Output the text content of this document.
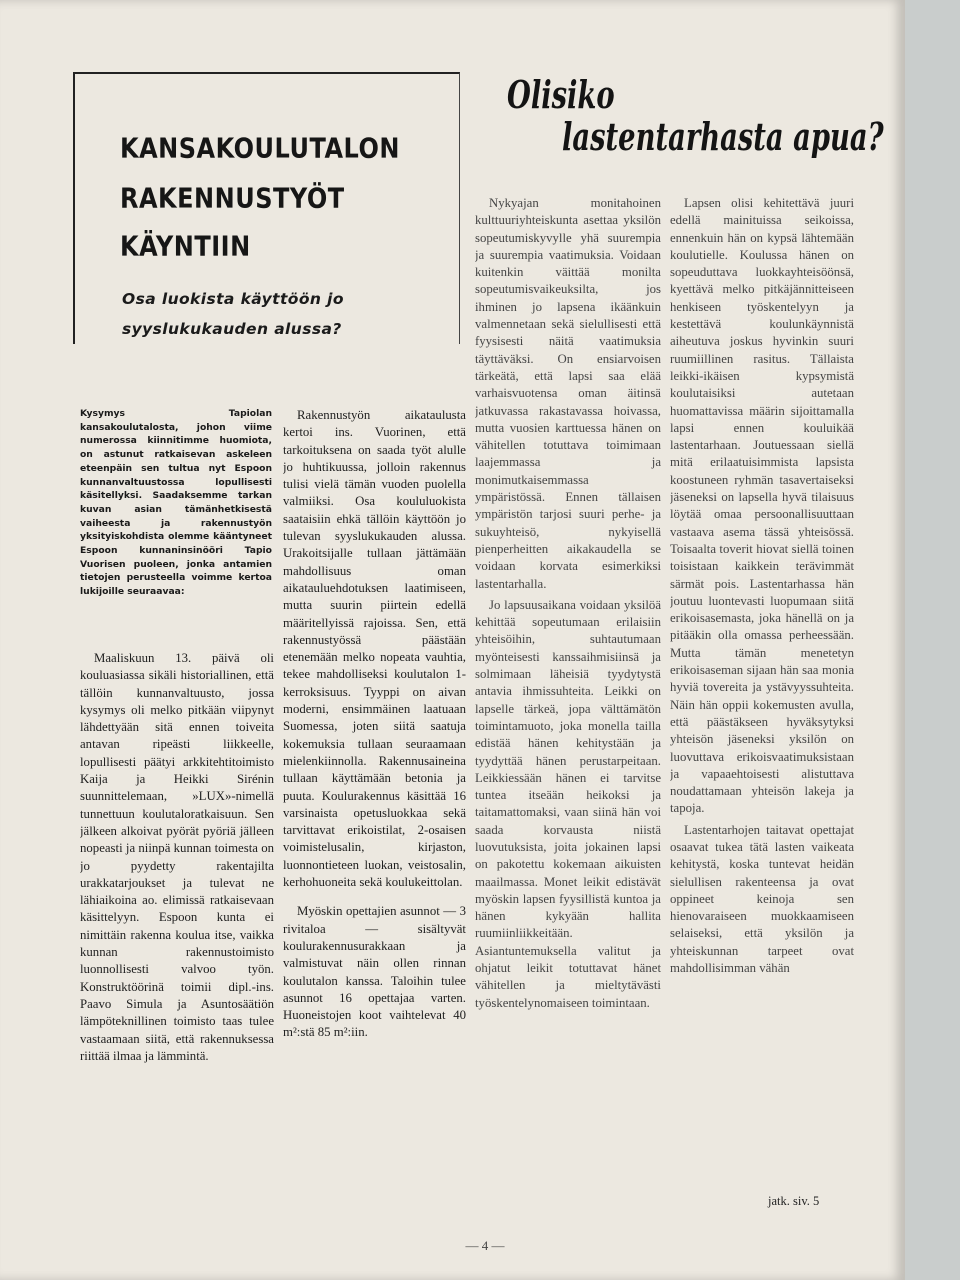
KANSAKOULUTALON
RAKENNUSTYÖT
KÄYNTIIN
Osa luokista käyttöön jo
syyslukukauden alussa?
Kysymys Tapiolan kansakoulutalosta, johon viime numerossa kiinnitimme huomiota, on astunut ratkaisevan askeleen eteenpäin sen tultua nyt Espoon kunnanvaltuustossa lopullisesti käsitellyksi. Saadaksemme tarkan kuvan asian tämänhetkisestä vaiheesta ja rakennustyön yksityiskohdista olemme kääntyneet Espoon kunnaninsinööri Tapio Vuorisen puoleen, jonka antamien tietojen perusteella voimme kertoa lukijoille seuraavaa:

Maaliskuun 13. päivä oli kouluasiassa sikäli historiallinen, että tällöin kunnanvaltuusto, jossa kysymys oli melko pitkään viipynyt lähdettyään sitä ennen toiveita antavan ripeästi liikkeelle, lopullisesti päätyi arkkitehtitoimisto Kaija ja Heikki Sirénin suunnittelemaan, »LUX»-nimellä tunnettuun koulutaloratkaisuun. Sen jälkeen alkoivat pyörät pyöriä jälleen nopeasti ja niinpä kunnan toimesta on jo pyydetty rakentajilta urakkatarjoukset ja tulevat ne lähiaikoina ao. elimissä ratkaisevaan käsittelyyn. Espoon kunta ei nimittäin rakenna koulua itse, vaikka kunnan rakennustoimisto luonnollisesti valvoo työn. Konstruktöörinä toimii dipl.-ins. Paavo Simula ja Asuntosäätiön lämpöteknillinen toimisto taas tulee vastaamaan siitä, että rakennuksessa riittää ilmaa ja lämmintä.

Rakennustyön aikataulusta kertoi ins. Vuorinen, että tarkoituksena on saada työt alulle jo huhtikuussa, jolloin rakennus tulisi vielä tämän vuoden puolella valmiiksi. Osa koululuokista saataisiin ehkä tällöin käyttöön jo tulevan syyslukukauden alussa. Urakoitsijalle tullaan jättämään mahdollisuus oman aikatauluehdotuksen laatimiseen, mutta suurin piirtein edellä määritellyissä rajoissa. Sen, että rakennustyössä päästään etenemään melko nopeata vauhtia, tekee mahdolliseksi koulutalon 1-kerroksisuus. Tyyppi on aivan moderni, ensimmäinen laatuaan Suomessa, joten siitä saatuja kokemuksia tullaan seuraamaan mielenkiinnolla. Rakennusaineina tullaan käyttämään betonia ja puuta. Koulurakennus käsittää 16 varsinaista opetusluokkaa sekä tarvittavat erikoistilat, 2-osaisen voimistelusalin, kirjaston, luonnontieteen luokan, veistosalin, kerhohuoneita sekä koulukeittolan.

Myöskin opettajien asunnot — 3 rivitaloa — sisältyvät koulurakennusurakkaan ja valmistuvat näin ollen rinnan koulutalon kanssa. Taloihin tulee asunnot 16 opettajaa varten. Huoneistojen koot vaihtelevat 40 m²:stä 85 m²:iin.

Olisiko
lastentarhasta apua?

Nykyajan monitahoinen kulttuuriyhteiskunta asettaa yksilön sopeutumiskyvylle yhä suurempia ja suurempia vaatimuksia. Voidaan kuitenkin väittää monilta sopeutumisvaikeuksilta, jos ihminen jo lapsena ikäänkuin valmennetaan sekä sielullisesti että fyysisesti näitä vaatimuksia täyttäväksi. On ensiarvoisen tärkeätä, että lapsi saa elää varhaisvuotensa oman äitinsä jatkuvassa rakastavassa hoivassa, mutta vuosien karttuessa hänen on vähitellen totuttava toimimaan laajemmassa ja monimutkaisemmassa ympäristössä. Ennen tällaisen ympäristön tarjosi suuri perhe- ja sukuyhteisö, nykyisellä pienperheitten aikakaudella se voidaan korvata esimerkiksi lastentarhalla.

Jo lapsuusaikana voidaan yksilöä kehittää sopeutumaan erilaisiin yhteisöihin, suhtautumaan myönteisesti kanssaihmisiinsä ja solmimaan läheisiä tyydytystä antavia ihmissuhteita. Leikki on lapselle tärkeä, jopa välttämätön toimintamuoto, joka monella tailla edistää hänen kehitystään ja tyydyttää hänen perustarpeitaan. Leikkiessään hänen ei tarvitse tuntea itseään heikoksi ja taitamattomaksi, vaan siinä hän voi saada korvausta niistä luovutuksista, joita jokainen lapsi on pakotettu kokemaan aikuisten maailmassa. Monet leikit edistävät myöskin lapsen fyysillistä kuntoa ja hänen kykyään hallita ruumiinliikkeitään. Asiantuntemuksella valitut ja ohjatut leikit totuttavat hänet vähitellen ja mieltytävästi työskentelynomaiseen toimintaan.

Lapsen olisi kehitettävä juuri edellä mainituissa seikoissa, ennenkuin hän on kypsä lähtemään koulutielle. Koulussa hänen on sopeuduttava luokkayhteisöönsä, kyettävä melko pitkäjännitteiseen henkiseen työskentelyyn ja kestettävä koulunkäynnistä aiheutuva joskus hyvinkin suuri ruumiillinen rasitus. Tällaista leikki-ikäisen kypsymistä koulutaisiksi autetaan huomattavissa määrin sijoittamalla lapsi ennen kouluikää lastentarhaan. Joutuessaan siellä mitä erilaatuisimmista lapsista koostuneen ryhmän tasavertaiseksi jäseneksi on lapsella hyvä tilaisuus löytää omaa persoonallisuuttaan vastaava asema tässä yhteisössä. Toisaalta toverit hiovat siellä toinen toisistaan kaikkein terävimmät särmät pois. Lastentarhassa hän joutuu luontevasti luopumaan siitä erikoisasemasta, joka hänellä on ja pitääkin olla omassa perheessään. Mutta tämän menetetyn erikoisaseman sijaan hän saa monia hyviä tovereita ja ystävyyssuhteita. Näin hän oppii kokemusten avulla, että päästäkseen hyväksytyksi yhteisön jäseneksi yksilön on luovuttava erikoisvaatimuksistaan ja vapaaehtoisesti alistuttava noudattamaan yhteisön lakeja ja tapoja.

Lastentarhojen taitavat opettajat osaavat tukea tätä lasten vaikeata kehitystä, koska tuntevat heidän sielullisen rakenteensa ja ovat oppineet keinoja sen hienovaraiseen muokkaamiseen selaiseksi, että yksilön ja yhteiskunnan tarpeet ovat mahdollisimman vähän

jatk. siv. 5
— 4 —
